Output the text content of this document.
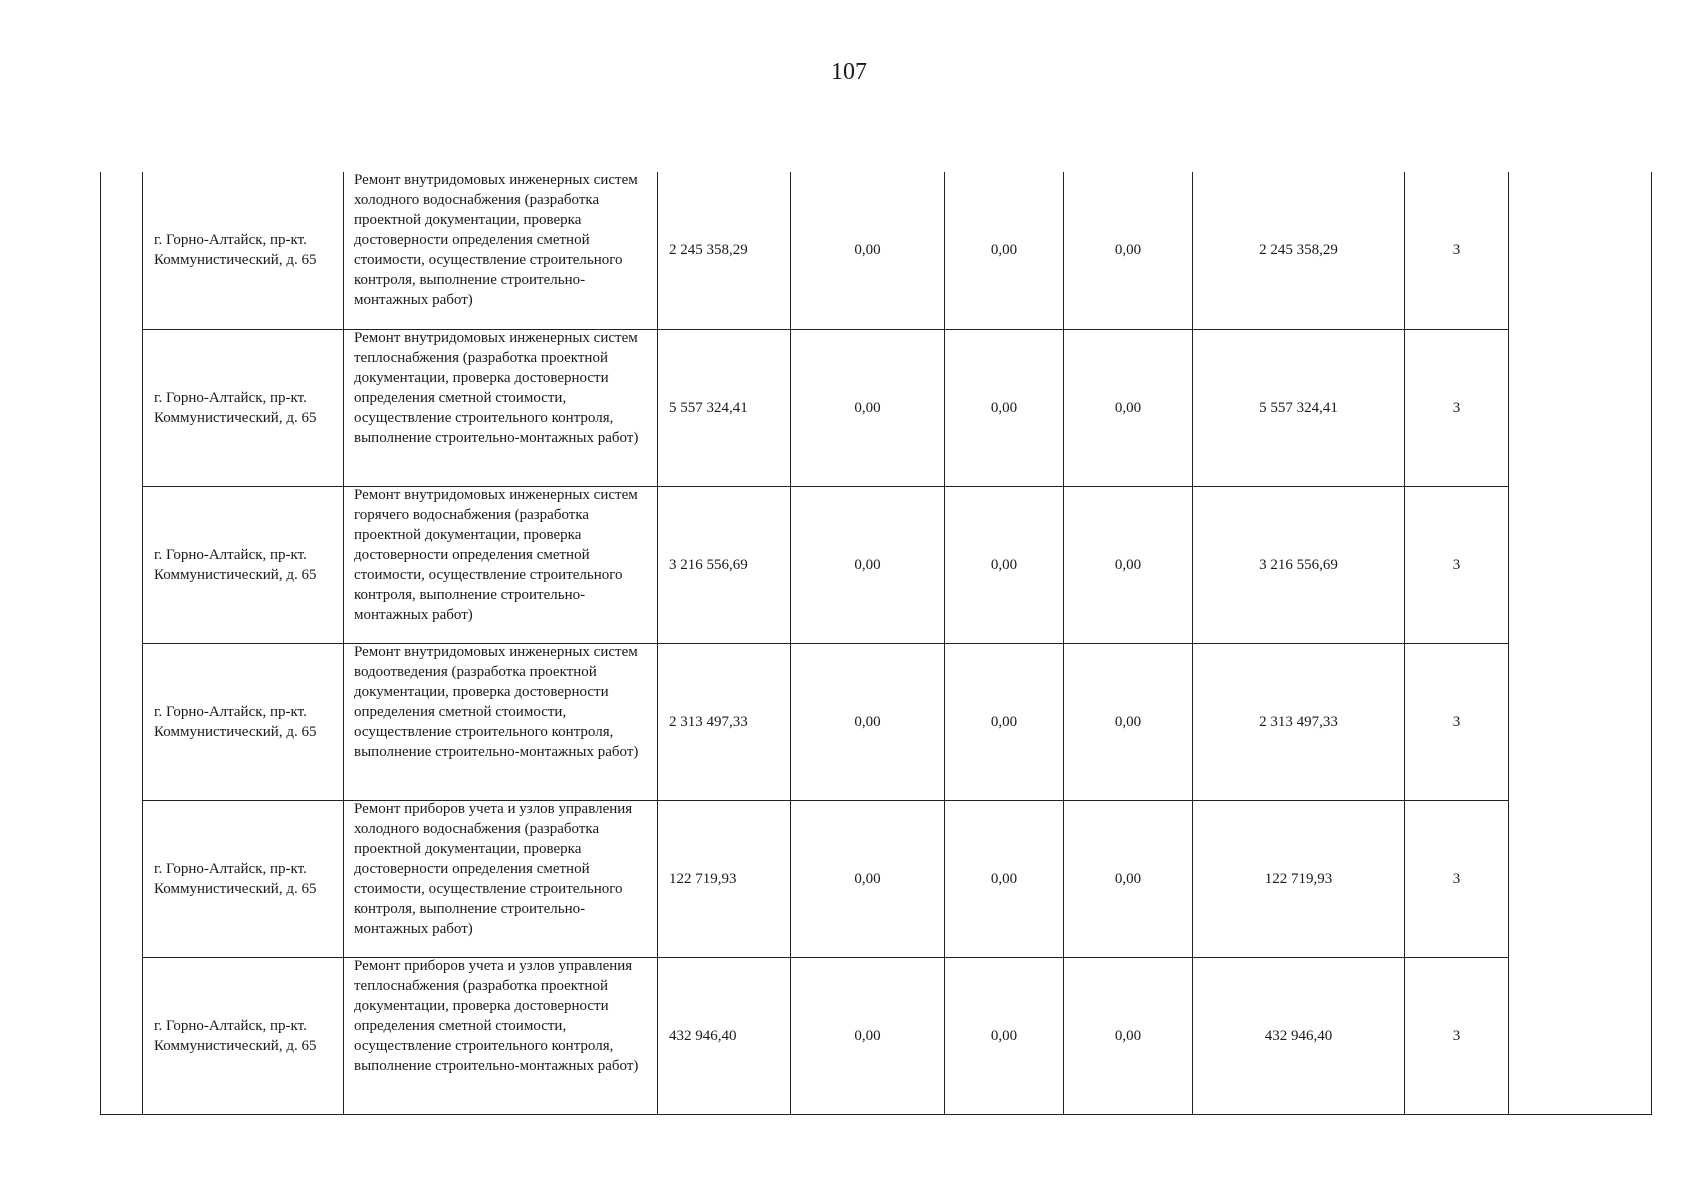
107
	г. Горно-Алтайск, пр-кт. Коммунистический, д. 65	Ремонт внутридомовых инженерных систем холодного водоснабжения (разработка проектной документации, проверка достоверности определения сметной стоимости, осуществление строительного контроля, выполнение строительно-монтажных работ)	2 245 358,29	0,00	0,00	0,00	2 245 358,29	3	
	г. Горно-Алтайск, пр-кт. Коммунистический, д. 65	Ремонт внутридомовых инженерных систем теплоснабжения (разработка проектной документации, проверка достоверности определения сметной стоимости, осуществление строительного контроля, выполнение строительно-монтажных работ)	5 557 324,41	0,00	0,00	0,00	5 557 324,41	3	
	г. Горно-Алтайск, пр-кт. Коммунистический, д. 65	Ремонт внутридомовых инженерных систем горячего водоснабжения (разработка проектной документации, проверка достоверности определения сметной стоимости, осуществление строительного контроля, выполнение строительно-монтажных работ)	3 216 556,69	0,00	0,00	0,00	3 216 556,69	3	
	г. Горно-Алтайск, пр-кт. Коммунистический, д. 65	Ремонт внутридомовых инженерных систем водоотведения (разработка проектной документации, проверка достоверности определения сметной стоимости, осуществление строительного контроля, выполнение строительно-монтажных работ)	2 313 497,33	0,00	0,00	0,00	2 313 497,33	3	
	г. Горно-Алтайск, пр-кт. Коммунистический, д. 65	Ремонт приборов учета и узлов управления холодного водоснабжения (разработка проектной документации, проверка достоверности определения сметной стоимости, осуществление строительного контроля, выполнение строительно-монтажных работ)	122 719,93	0,00	0,00	0,00	122 719,93	3	
	г. Горно-Алтайск, пр-кт. Коммунистический, д. 65	Ремонт приборов учета и узлов управления теплоснабжения (разработка проектной документации, проверка достоверности определения сметной стоимости, осуществление строительного контроля, выполнение строительно-монтажных работ)	432 946,40	0,00	0,00	0,00	432 946,40	3	
